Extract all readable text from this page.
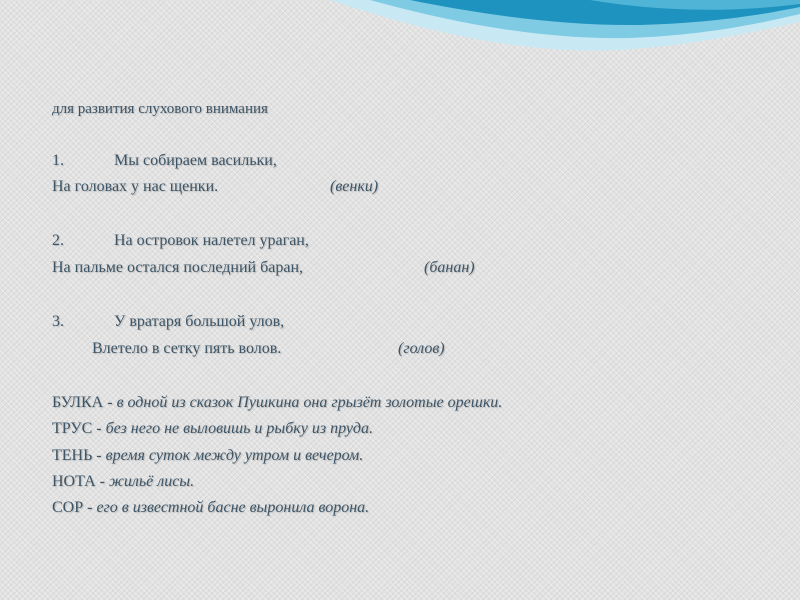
для развития слухового внимания
1.	Мы собираем васильки,
На головах у нас щенки.	(венки)
2.	На островок налетел ураган,
На пальме остался последний баран,	(банан)
3.	У вратаря большой улов,
Влетело в сетку пять волов.	(голов)
БУЛКА - в одной из сказок Пушкина она грызёт золотые орешки.
ТРУС - без него не выловишь и рыбку из пруда.
ТЕНЬ - время суток между утром и вечером.
НОТА - жильё лисы.
СОР - его в известной басне выронила ворона.
